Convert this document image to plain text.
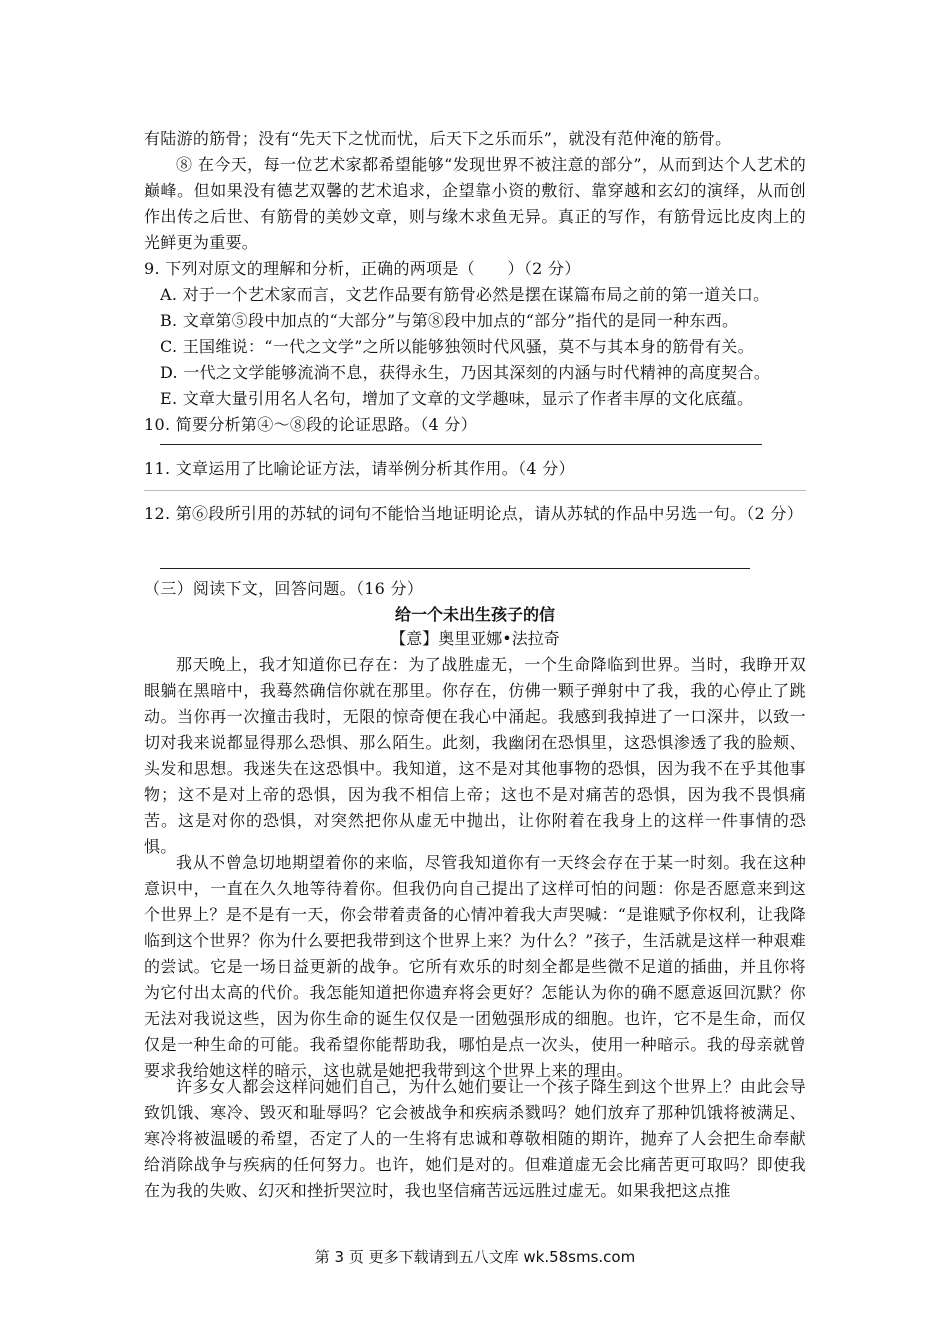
有陆游的筋骨；没有“先天下之忧而忧，后天下之乐而乐”，就没有范仲淹的筋骨。

⑧ 在今天，每一位艺术家都希望能够“发现世界不被注意的部分”，从而到达个人艺术的巅峰。但如果没有德艺双馨的艺术追求，企望靠小资的敷衍、靠穿越和玄幻的演绎，从而创作出传之后世、有筋骨的美妙文章，则与缘木求鱼无异。真正的写作，有筋骨远比皮肉上的光鲜更为重要。

9. 下列对原文的理解和分析，正确的两项是（　　）（2 分）

A. 对于一个艺术家而言，文艺作品要有筋骨必然是摆在谋篇布局之前的第一道关口。

B. 文章第⑤段中加点的“大部分”与第⑧段中加点的“部分”指代的是同一种东西。

C. 王国维说：“一代之文学”之所以能够独领时代风骚，莫不与其本身的筋骨有关。

D. 一代之文学能够流淌不息，获得永生，乃因其深刻的内涵与时代精神的高度契合。

E. 文章大量引用名人名句，增加了文章的文学趣味，显示了作者丰厚的文化底蕴。

10. 简要分析第④～⑧段的论证思路。（4 分）

11. 文章运用了比喻论证方法，请举例分析其作用。（4 分）

12. 第⑥段所引用的苏轼的词句不能恰当地证明论点，请从苏轼的作品中另选一句。（2 分）

（三）阅读下文，回答问题。（16 分）

给一个未出生孩子的信
【意】奥里亚娜•法拉奇

那天晚上，我才知道你已存在：为了战胜虚无，一个生命降临到世界。当时，我睁开双眼躺在黑暗中，我蓦然确信你就在那里。你存在，仿佛一颗子弹射中了我，我的心停止了跳动。当你再一次撞击我时，无限的惊奇便在我心中涌起。我感到我掉进了一口深井，以致一切对我来说都显得那么恐惧、那么陌生。此刻，我幽闭在恐惧里，这恐惧渗透了我的脸颊、头发和思想。我迷失在这恐惧中。我知道，这不是对其他事物的恐惧，因为我不在乎其他事物；这不是对上帝的恐惧，因为我不相信上帝；这也不是对痛苦的恐惧，因为我不畏惧痛苦。这是对你的恐惧，对突然把你从虚无中抛出，让你附着在我身上的这样一件事情的恐惧。

我从不曾急切地期望着你的来临，尽管我知道你有一天终会存在于某一时刻。我在这种意识中，一直在久久地等待着你。但我仍向自己提出了这样可怕的问题：你是否愿意来到这个世界上？是不是有一天，你会带着责备的心情冲着我大声哭喊：“是谁赋予你权利，让我降临到这个世界？你为什么要把我带到这个世界上来？为什么？”孩子，生活就是这样一种艰难的尝试。它是一场日益更新的战争。它所有欢乐的时刻全都是些微不足道的插曲，并且你将为它付出太高的代价。我怎能知道把你遗弃将会更好？怎能认为你的确不愿意返回沉默？你无法对我说这些，因为你生命的诞生仅仅是一团勉强形成的细胞。也许，它不是生命，而仅仅是一种生命的可能。我希望你能帮助我，哪怕是点一次头，使用一种暗示。我的母亲就曾要求我给她这样的暗示，这也就是她把我带到这个世界上来的理由。

许多女人都会这样问她们自己，为什么她们要让一个孩子降生到这个世界上？由此会导致饥饿、寒冷、毁灭和耻辱吗？它会被战争和疾病杀戮吗？她们放弃了那种饥饿将被满足、寒冷将被温暖的希望，否定了人的一生将有忠诚和尊敬相随的期许，抛弃了人会把生命奉献给消除战争与疾病的任何努力。也许，她们是对的。但难道虚无会比痛苦更可取吗？即使我在为我的失败、幻灭和挫折哭泣时，我也坚信痛苦远远胜过虚无。如果我把这点推

第 3 页 更多下载请到五八文库 wk.58sms.com
